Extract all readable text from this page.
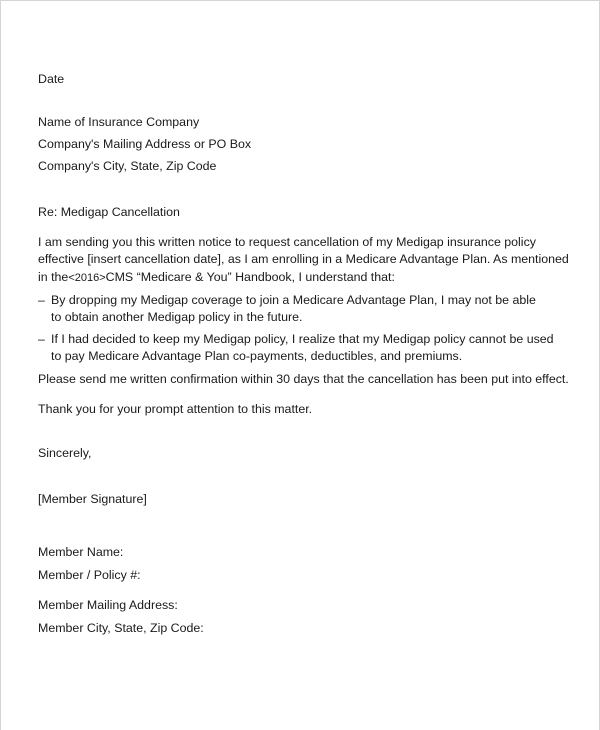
Date
Name of Insurance Company
Company's Mailing Address or PO Box
Company's City, State, Zip Code
Re: Medigap Cancellation
I am sending you this written notice to request cancellation of my Medigap insurance policy
effective [insert cancellation date], as I am enrolling in a Medicare Advantage Plan. As mentioned
in the<2016>CMS “Medicare & You” Handbook, I understand that:
– By dropping my Medigap coverage to join a Medicare Advantage Plan, I may not be able
to obtain another Medigap policy in the future.
– If I had decided to keep my Medigap policy, I realize that my Medigap policy cannot be used
to pay Medicare Advantage Plan co-payments, deductibles, and premiums.
Please send me written confirmation within 30 days that the cancellation has been put into effect.
Thank you for your prompt attention to this matter.
Sincerely,
[Member Signature]
Member Name:
Member / Policy #:
Member Mailing Address:
Member City, State, Zip Code:
